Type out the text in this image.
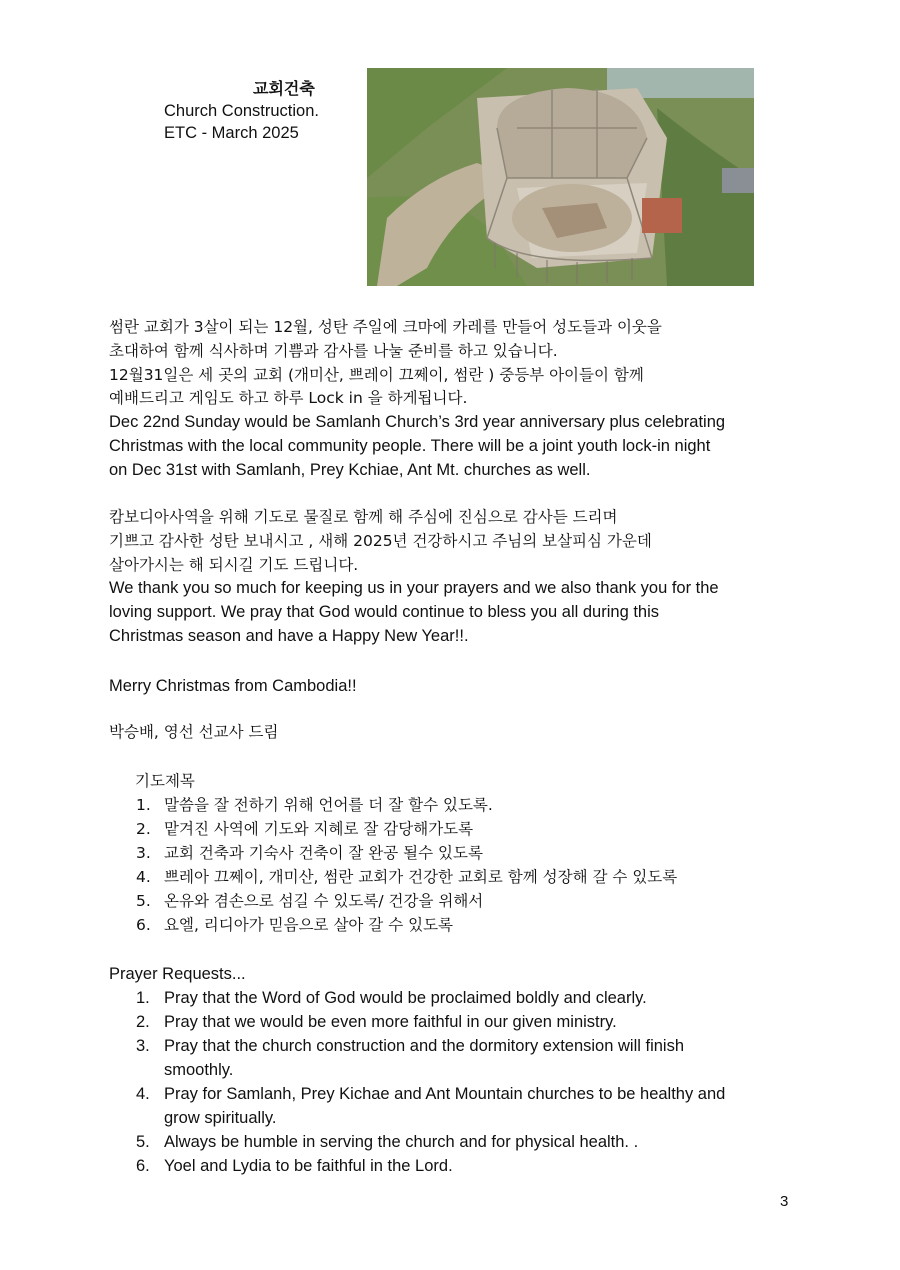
교회건축
Church Construction.
ETC - March 2025
썸란 교회가 3살이 되는 12월, 성탄 주일에 크마에 카레를 만들어 성도들과 이웃을
초대하여 함께 식사하며 기쁨과 감사를 나눌 준비를 하고 있습니다.
12월31일은 세 곳의 교회 (개미산, 쁘레이 끄쩨이, 썸란 ) 중등부 아이들이 함께
예배드리고 게임도 하고 하루 Lock in 을 하게됩니다.
Dec 22nd Sunday would be Samlanh Church’s 3rd year anniversary plus celebrating
Christmas with the local community people. There will be a joint youth lock-in night
on Dec 31st with Samlanh, Prey Kchiae, Ant Mt. churches as well.
캄보디아사역을 위해 기도로 물질로 함께 해 주심에 진심으로 감사듣 드리며
기쁘고 감사한 성탄 보내시고 , 새해 2025년 건강하시고 주님의 보살피심 가운데
살아가시는 해 되시길 기도 드립니다.
We thank you so much for keeping us in your prayers and we also thank you for the
loving support. We pray that God would continue to bless you all during this
Christmas season and have a Happy New Year!!.
Merry Christmas from Cambodia!!
박승배, 영선 선교사 드림
기도제목
1. 말씀을 잘 전하기 위해 언어를 더 잘 할수 있도록.
2. 맡겨진 사역에 기도와 지혜로 잘 감당해가도록
3. 교회 건축과 기숙사 건축이 잘 완공 될수 있도록
4. 쁘레아 끄쩨이, 개미산, 썸란 교회가 건강한 교회로 함께 성장해 갈 수 있도록
5. 온유와 겸손으로 섬길 수 있도록/ 건강을 위해서
6. 요엘, 리디아가 믿음으로 살아 갈 수 있도록
Prayer Requests...
1. Pray that the Word of God would be proclaimed boldly and clearly.
2. Pray that we would be even more faithful in our given ministry.
3. Pray that the church construction and the dormitory extension will finish
smoothly.
4. Pray for Samlanh, Prey Kichae and Ant Mountain churches to be healthy and
grow spiritually.
5. Always be humble in serving the church and for physical health. .
6. Yoel and Lydia to be faithful in the Lord.
3
